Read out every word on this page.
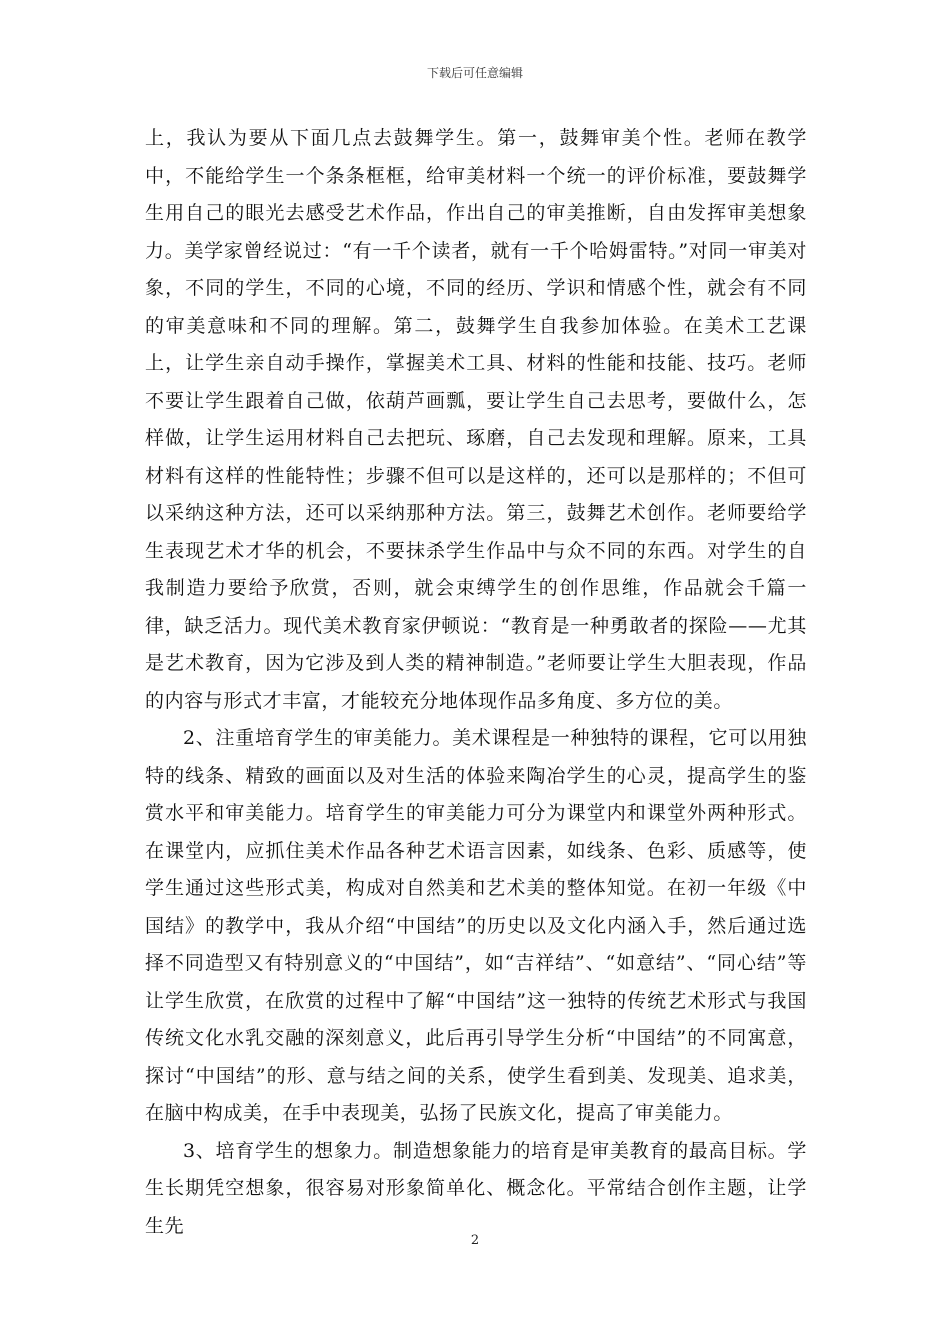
下载后可任意编辑

上，我认为要从下面几点去鼓舞学生。第一，鼓舞审美个性。老师在教学中，不能给学生一个条条框框，给审美材料一个统一的评价标准，要鼓舞学生用自己的眼光去感受艺术作品，作出自己的审美推断，自由发挥审美想象力。美学家曾经说过：“有一千个读者，就有一千个哈姆雷特。”对同一审美对象，不同的学生，不同的心境，不同的经历、学识和情感个性，就会有不同的审美意味和不同的理解。第二，鼓舞学生自我参加体验。在美术工艺课上，让学生亲自动手操作，掌握美术工具、材料的性能和技能、技巧。老师不要让学生跟着自己做，依葫芦画瓢，要让学生自己去思考，要做什么，怎样做，让学生运用材料自己去把玩、琢磨，自己去发现和理解。原来，工具材料有这样的性能特性；步骤不但可以是这样的，还可以是那样的；不但可以采纳这种方法，还可以采纳那种方法。第三，鼓舞艺术创作。老师要给学生表现艺术才华的机会，不要抹杀学生作品中与众不同的东西。对学生的自我制造力要给予欣赏，否则，就会束缚学生的创作思维，作品就会千篇一律，缺乏活力。现代美术教育家伊顿说：“教育是一种勇敢者的探险——尤其是艺术教育，因为它涉及到人类的精神制造。”老师要让学生大胆表现，作品的内容与形式才丰富，才能较充分地体现作品多角度、多方位的美。

2、注重培育学生的审美能力。美术课程是一种独特的课程，它可以用独特的线条、精致的画面以及对生活的体验来陶冶学生的心灵，提高学生的鉴赏水平和审美能力。培育学生的审美能力可分为课堂内和课堂外两种形式。在课堂内，应抓住美术作品各种艺术语言因素，如线条、色彩、质感等，使学生通过这些形式美，构成对自然美和艺术美的整体知觉。在初一年级《中国结》的教学中，我从介绍“中国结”的历史以及文化内涵入手，然后通过选择不同造型又有特别意义的“中国结”，如“吉祥结”、“如意结”、“同心结”等让学生欣赏，在欣赏的过程中了解“中国结”这一独特的传统艺术形式与我国传统文化水乳交融的深刻意义，此后再引导学生分析“中国结”的不同寓意，探讨“中国结”的形、意与结之间的关系，使学生看到美、发现美、追求美，在脑中构成美，在手中表现美，弘扬了民族文化，提高了审美能力。

3、培育学生的想象力。制造想象能力的培育是审美教育的最高目标。学生长期凭空想象，很容易对形象简单化、概念化。平常结合创作主题，让学生先

2
